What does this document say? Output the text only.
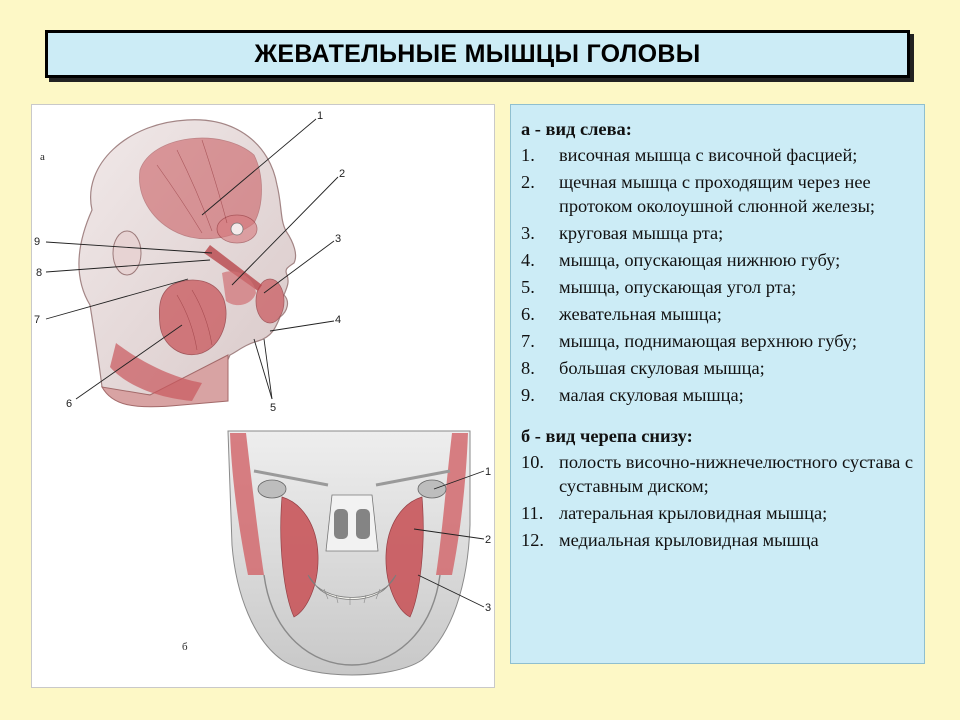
ЖЕВАТЕЛЬНЫЕ МЫШЦЫ ГОЛОВЫ
а
1
2
3
4
5
6
7
8
9
б
1
2
3
а - вид слева:
1.	височная мышца с височной фасцией;
2.	щечная мышца с проходящим через нее протоком околоушной слюнной железы;
3.	круговая мышца рта;
4.	мышца, опускающая нижнюю губу;
5.	мышца, опускающая угол рта;
6.	жевательная мышца;
7.	мышца, поднимающая верхнюю губу;
8.	большая скуловая мышца;
9.	малая скуловая мышца;
б - вид черепа снизу:
10. полость височно-нижнечелюстного сустава с суставным диском;
11. латеральная крыловидная мышца;
12. медиальная крыловидная мышца
